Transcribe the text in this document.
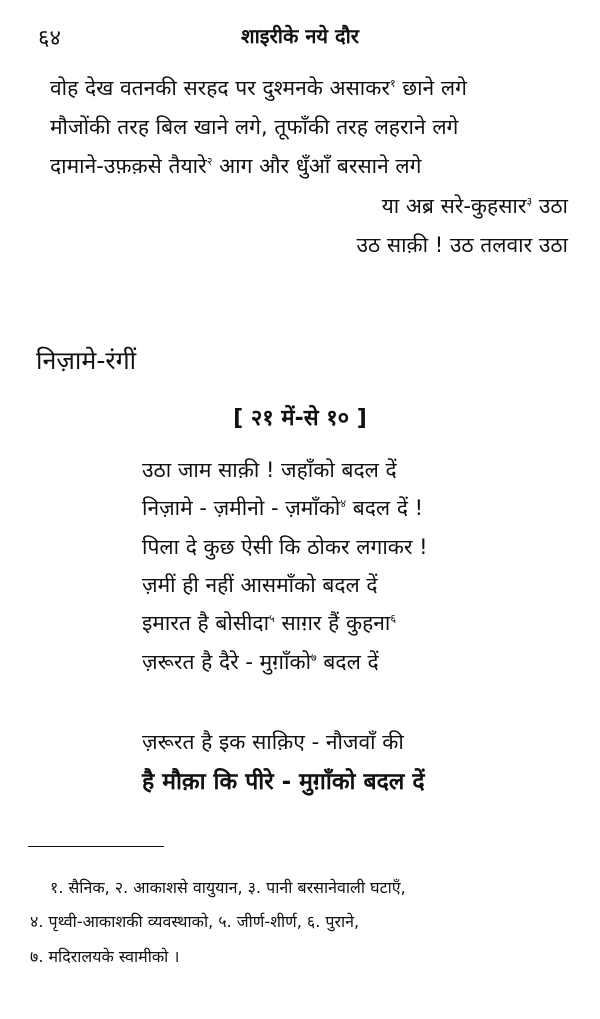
६४	शाइरीके नये दौर
वोह देख वतनकी सरहद पर दुश्मनके असाकर$^१$ छाने लगे
मौजोंकी तरह बिल खाने लगे, तूफाँकी तरह लहराने लगे
दामाने-उफ़क़से तैयारे$^२$ आग और धुँआँ बरसाने लगे
या अब्र सरे-कुहसार$^३$ उठा
उठ साक़ी ! उठ तलवार उठा
निज़ामे-रंगीं
[ २१ में-से १० ]
उठा जाम साक़ी ! जहाँको बदल दें
निज़ामे - ज़मीनो - ज़माँको$^४$ बदल दें !
पिला दे कुछ ऐसी कि ठोकर लगाकर !
ज़मीं ही नहीं आसमाँको बदल दें
इमारत है बोसीदा$^५$ साग़र हैं कुहना$^६$
ज़रूरत है दैरे - मुग़ाँको$^७$ बदल दें
ज़रूरत है इक साक़िए - नौजवाँ की
है मौक़ा कि पीरे - मुग़ाँको बदल दें
१. सैनिक, २. आकाशसे वायुयान, ३. पानी बरसानेवाली घटाएँ,
४. पृथ्वी-आकाशकी व्यवस्थाको, ५. जीर्ण-शीर्ण, ६. पुराने,
७. मदिरालयके स्वामीको ।
